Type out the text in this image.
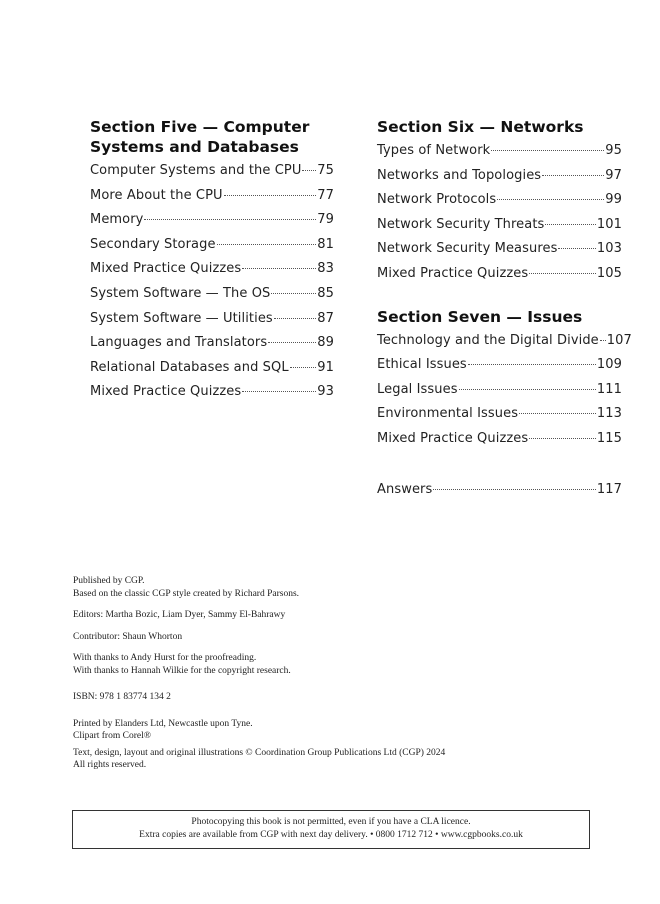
Section Five — Computer Systems and Databases
Computer Systems and the CPU 75
More About the CPU	77
Memory	79
Secondary Storage	81
Mixed Practice Quizzes	83
System Software — The OS	85
System Software — Utilities	87
Languages and Translators	89
Relational Databases and SQL 91
Mixed Practice Quizzes	93
Section Six — Networks
Types of Network	95
Networks and Topologies	97
Network Protocols	99
Network Security Threats	101
Network Security Measures	103
Mixed Practice Quizzes	105
Section Seven — Issues
Technology and the Digital Divide 107
Ethical Issues	109
Legal Issues	111
Environmental Issues	113
Mixed Practice Quizzes	115
Answers	117

Published by CGP.
Based on the classic CGP style created by Richard Parsons.

Editors: Martha Bozic, Liam Dyer, Sammy El-Bahrawy

Contributor: Shaun Whorton

With thanks to Andy Hurst for the proofreading.
With thanks to Hannah Wilkie for the copyright research.

ISBN: 978 1 83774 134 2

Printed by Elanders Ltd, Newcastle upon Tyne.
Clipart from Corel®

Text, design, layout and original illustrations © Coordination Group Publications Ltd (CGP) 2024
All rights reserved.

Photocopying this book is not permitted, even if you have a CLA licence.
Extra copies are available from CGP with next day delivery. • 0800 1712 712 • www.cgpbooks.co.uk
